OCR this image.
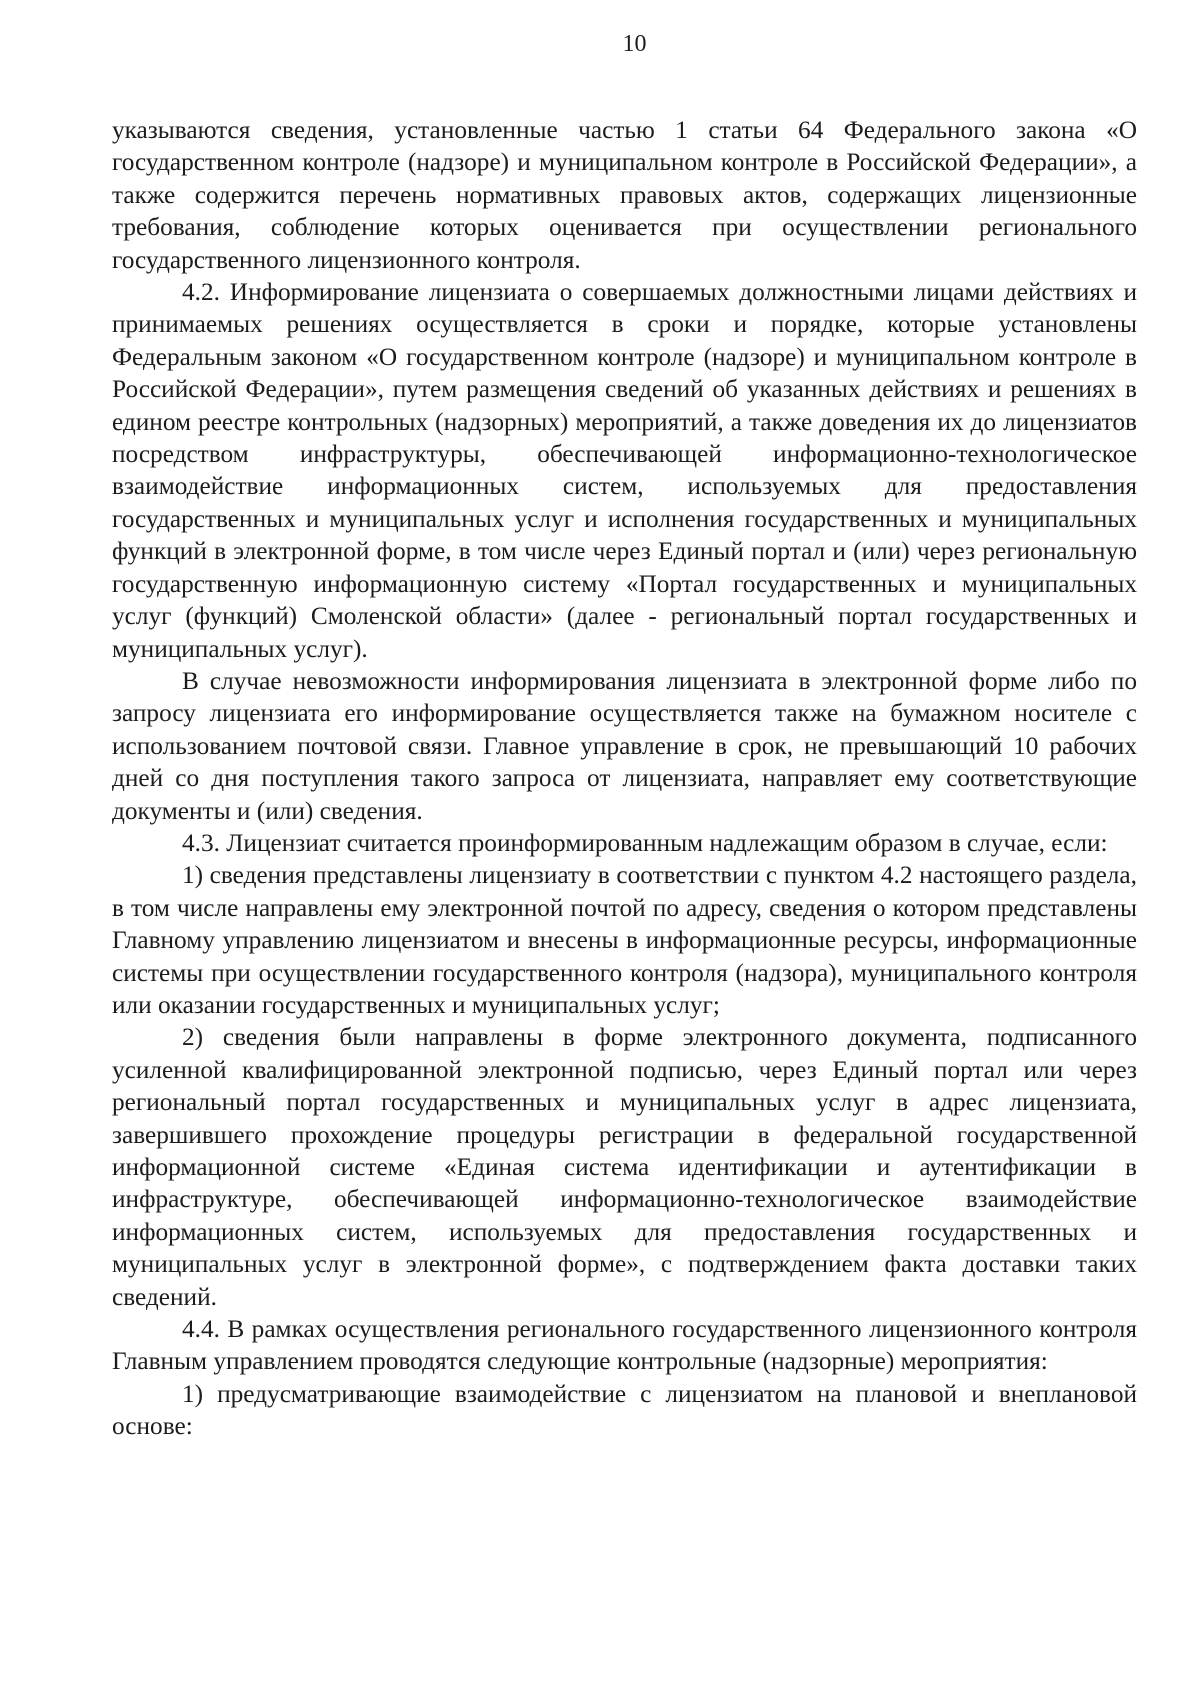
10

указываются сведения, установленные частью 1 статьи 64 Федерального закона «О государственном контроле (надзоре) и муниципальном контроле в Российской Федерации», а также содержится перечень нормативных правовых актов, содержащих лицензионные требования, соблюдение которых оценивается при осуществлении регионального государственного лицензионного контроля.

4.2. Информирование лицензиата о совершаемых должностными лицами действиях и принимаемых решениях осуществляется в сроки и порядке, которые установлены Федеральным законом «О государственном контроле (надзоре) и муниципальном контроле в Российской Федерации», путем размещения сведений об указанных действиях и решениях в едином реестре контрольных (надзорных) мероприятий, а также доведения их до лицензиатов посредством инфраструктуры, обеспечивающей информационно-технологическое взаимодействие информационных систем, используемых для предоставления государственных и муниципальных услуг и исполнения государственных и муниципальных функций в электронной форме, в том числе через Единый портал и (или) через региональную государственную информационную систему «Портал государственных и муниципальных услуг (функций) Смоленской области» (далее - региональный портал государственных и муниципальных услуг).

В случае невозможности информирования лицензиата в электронной форме либо по запросу лицензиата его информирование осуществляется также на бумажном носителе с использованием почтовой связи. Главное управление в срок, не превышающий 10 рабочих дней со дня поступления такого запроса от лицензиата, направляет ему соответствующие документы и (или) сведения.

4.3. Лицензиат считается проинформированным надлежащим образом в случае, если:

1) сведения представлены лицензиату в соответствии с пунктом 4.2 настоящего раздела, в том числе направлены ему электронной почтой по адресу, сведения о котором представлены Главному управлению лицензиатом и внесены в информационные ресурсы, информационные системы при осуществлении государственного контроля (надзора), муниципального контроля или оказании государственных и муниципальных услуг;

2) сведения были направлены в форме электронного документа, подписанного усиленной квалифицированной электронной подписью, через Единый портал или через региональный портал государственных и муниципальных услуг в адрес лицензиата, завершившего прохождение процедуры регистрации в федеральной государственной информационной системе «Единая система идентификации и аутентификации в инфраструктуре, обеспечивающей информационно-технологическое взаимодействие информационных систем, используемых для предоставления государственных и муниципальных услуг в электронной форме», с подтверждением факта доставки таких сведений.

4.4. В рамках осуществления регионального государственного лицензионного контроля Главным управлением проводятся следующие контрольные (надзорные) мероприятия:

1) предусматривающие взаимодействие с лицензиатом на плановой и внеплановой основе:
